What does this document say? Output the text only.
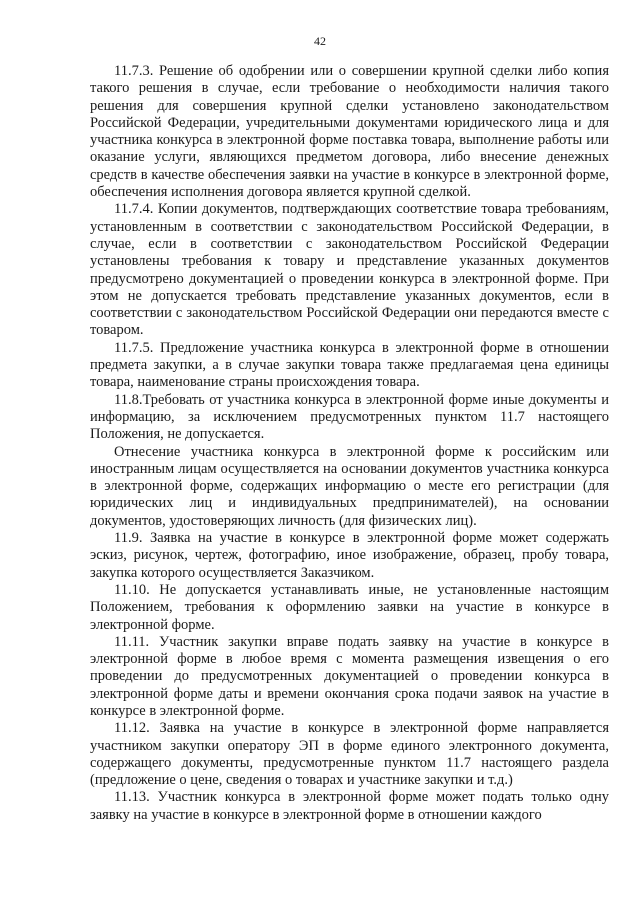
42

11.7.3. Решение об одобрении или о совершении крупной сделки либо копия такого решения в случае, если требование о необходимости наличия такого решения для совершения крупной сделки установлено законодательством Российской Федерации, учредительными документами юридического лица и для участника конкурса в электронной форме поставка товара, выполнение работы или оказание услуги, являющихся предметом договора, либо внесение денежных средств в качестве обеспечения заявки на участие в конкурсе в электронной форме, обеспечения исполнения договора является крупной сделкой.

11.7.4. Копии документов, подтверждающих соответствие товара требованиям, установленным в соответствии с законодательством Российской Федерации, в случае, если в соответствии с законодательством Российской Федерации установлены требования к товару и представление указанных документов предусмотрено документацией о проведении конкурса в электронной форме. При этом не допускается требовать представление указанных документов, если в соответствии с законодательством Российской Федерации они передаются вместе с товаром.

11.7.5. Предложение участника конкурса в электронной форме в отношении предмета закупки, а в случае закупки товара также предлагаемая цена единицы товара, наименование страны происхождения товара.

11.8.Требовать от участника конкурса в электронной форме иные документы и информацию, за исключением предусмотренных пунктом 11.7 настоящего Положения, не допускается.

Отнесение участника конкурса в электронной форме к российским или иностранным лицам осуществляется на основании документов участника конкурса в электронной форме, содержащих информацию о месте его регистрации (для юридических лиц и индивидуальных предпринимателей), на основании документов, удостоверяющих личность (для физических лиц).

11.9. Заявка на участие в конкурсе в электронной форме может содержать эскиз, рисунок, чертеж, фотографию, иное изображение, образец, пробу товара, закупка которого осуществляется Заказчиком.

11.10. Не допускается устанавливать иные, не установленные настоящим Положением, требования к оформлению заявки на участие в конкурсе в электронной форме.

11.11. Участник закупки вправе подать заявку на участие в конкурсе в электронной форме в любое время с момента размещения извещения о его проведении до предусмотренных документацией о проведении конкурса в электронной форме даты и времени окончания срока подачи заявок на участие в конкурсе в электронной форме.

11.12. Заявка на участие в конкурсе в электронной форме направляется участником закупки оператору ЭП в форме единого электронного документа, содержащего документы, предусмотренные пунктом 11.7 настоящего раздела (предложение о цене, сведения о товарах и участнике закупки и т.д.)

11.13. Участник конкурса в электронной форме может подать только одну заявку на участие в конкурсе в электронной форме в отношении каждого
